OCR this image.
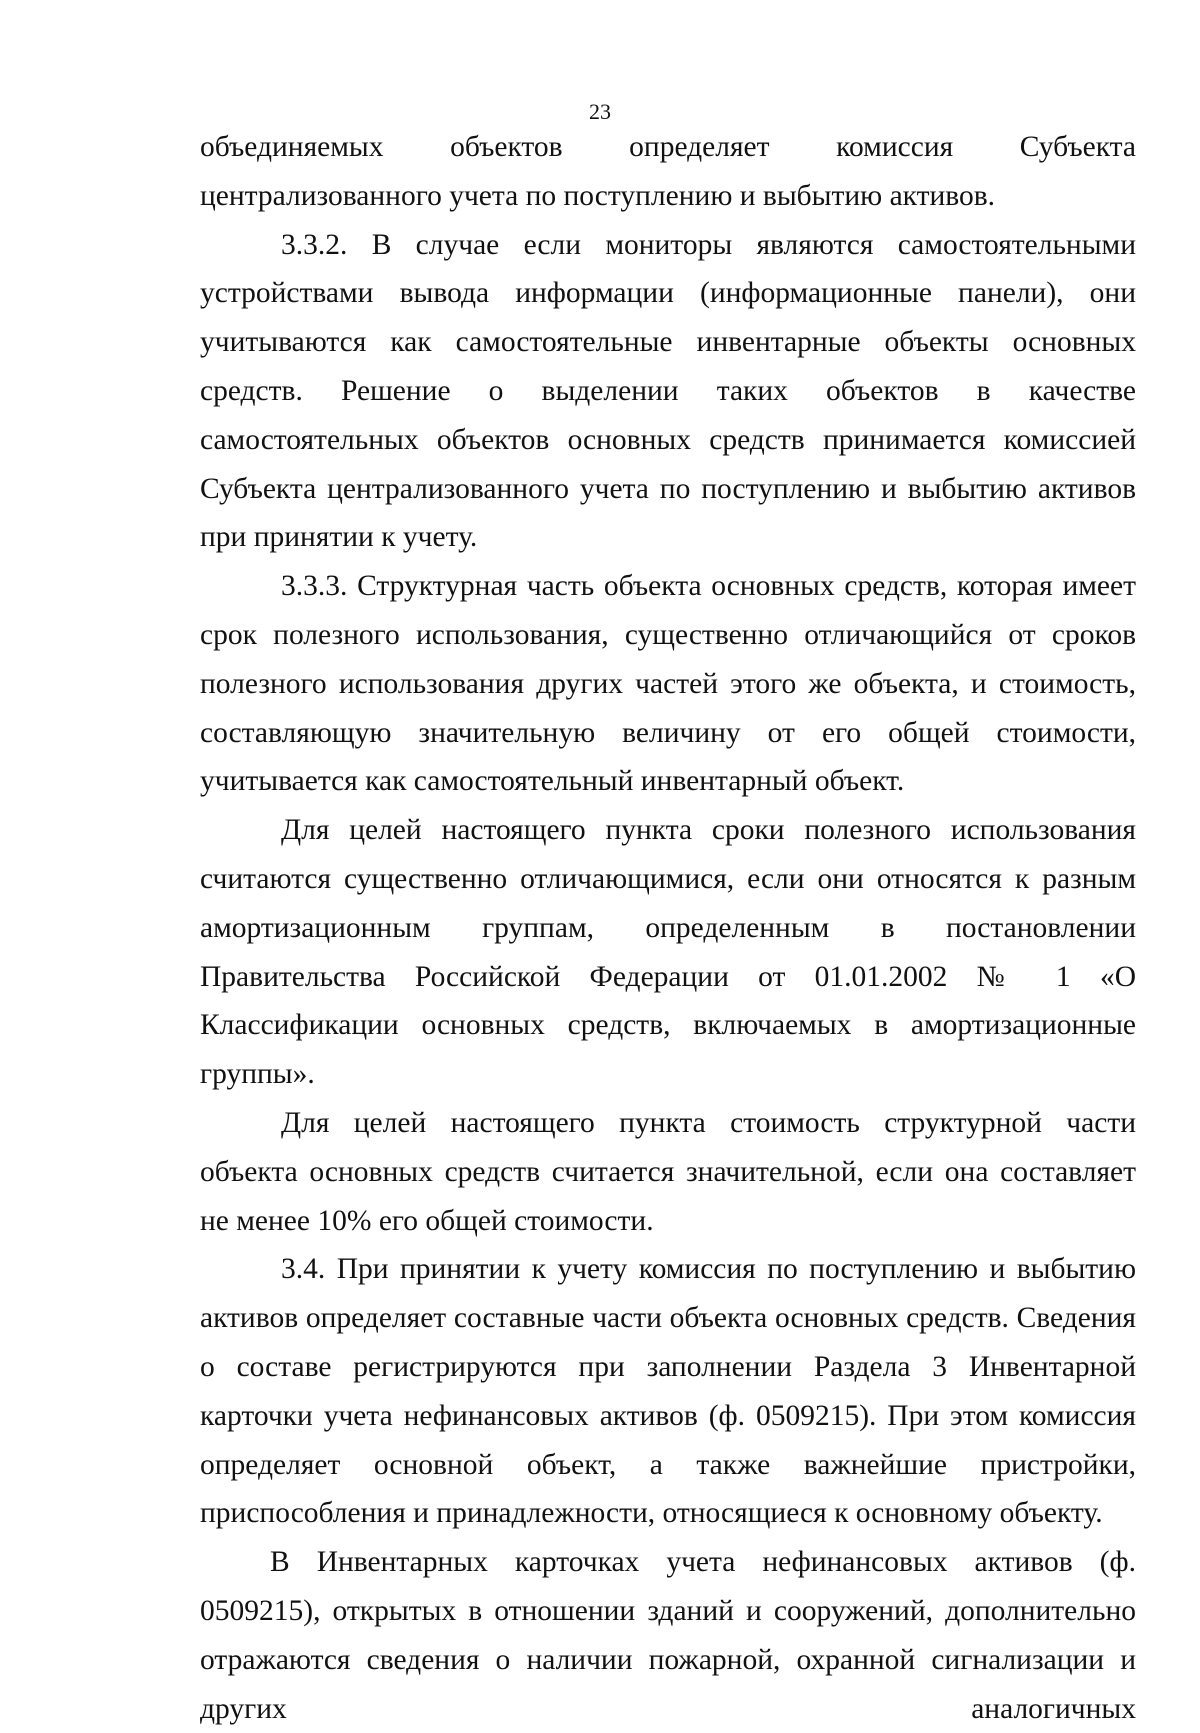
23

объединяемых объектов определяет комиссия Субъекта централизованного учета по поступлению и выбытию активов.

3.3.2. В случае если мониторы являются самостоятельными устройствами вывода информации (информационные панели), они учитываются как самостоятельные инвентарные объекты основных средств. Решение о выделении таких объектов в качестве самостоятельных объектов основных средств принимается комиссией Субъекта централизованного учета по поступлению и выбытию активов при принятии к учету.

3.3.3. Структурная часть объекта основных средств, которая имеет срок полезного использования, существенно отличающийся от сроков полезного использования других частей этого же объекта, и стоимость, составляющую значительную величину от его общей стоимости, учитывается как самостоятельный инвентарный объект.

Для целей настоящего пункта сроки полезного использования считаются существенно отличающимися, если они относятся к разным амортизационным группам, определенным в постановлении Правительства Российской Федерации от 01.01.2002 № 1 «О Классификации основных средств, включаемых в амортизационные группы».

Для целей настоящего пункта стоимость структурной части объекта основных средств считается значительной, если она составляет не менее 10% его общей стоимости.

3.4. При принятии к учету комиссия по поступлению и выбытию активов определяет составные части объекта основных средств. Сведения о составе регистрируются при заполнении Раздела 3 Инвентарной карточки учета нефинансовых активов (ф. 0509215). При этом комиссия определяет основной объект, а также важнейшие пристройки, приспособления и принадлежности, относящиеся к основному объекту.

В Инвентарных карточках учета нефинансовых активов (ф. 0509215), открытых в отношении зданий и сооружений, дополнительно отражаются сведения о наличии пожарной, охранной сигнализации и других аналогичных
